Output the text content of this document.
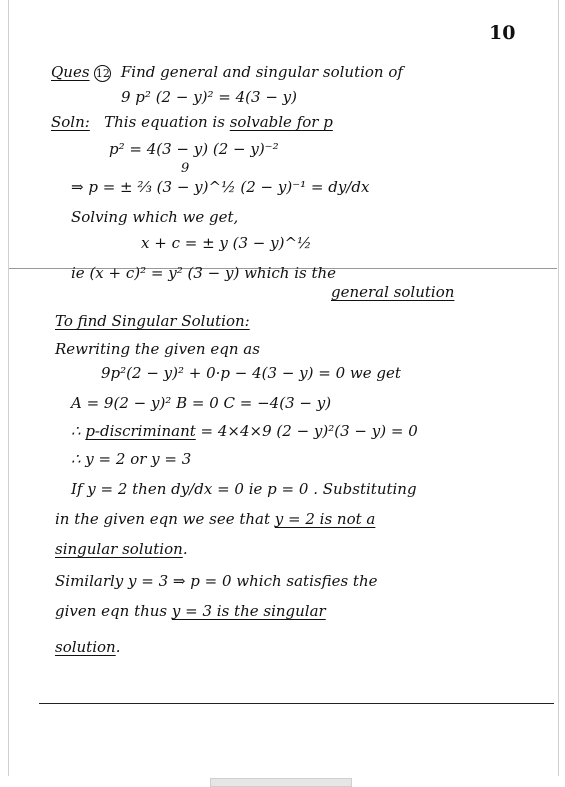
10
Ques 12 Find general and singular solution of
9 p² (2 − y)² = 4(3 − y)
Soln: This equation is solvable for p
p² = 4(3 − y) (2 − y)⁻²
9
⇒ p = ± ⅔ (3 − y)^½ (2 − y)⁻¹ = dy/dx
Solving which we get,
x + c = ± y (3 − y)^½
ie (x + c)² = y² (3 − y) which is the
general solution
To find Singular Solution:
Rewriting the given eqn as
9p²(2 − y)² + 0·p − 4(3 − y) = 0 we get
A = 9(2 − y)² B = 0 C = −4(3 − y)
∴ p-discriminant = 4×4×9 (2 − y)²(3 − y) = 0
∴ y = 2 or y = 3
If y = 2 then dy/dx = 0 ie p = 0 . Substituting
in the given eqn we see that y = 2 is not a
singular solution.
Similarly y = 3 ⇒ p = 0 which satisfies the
given eqn thus y = 3 is the singular
solution.
